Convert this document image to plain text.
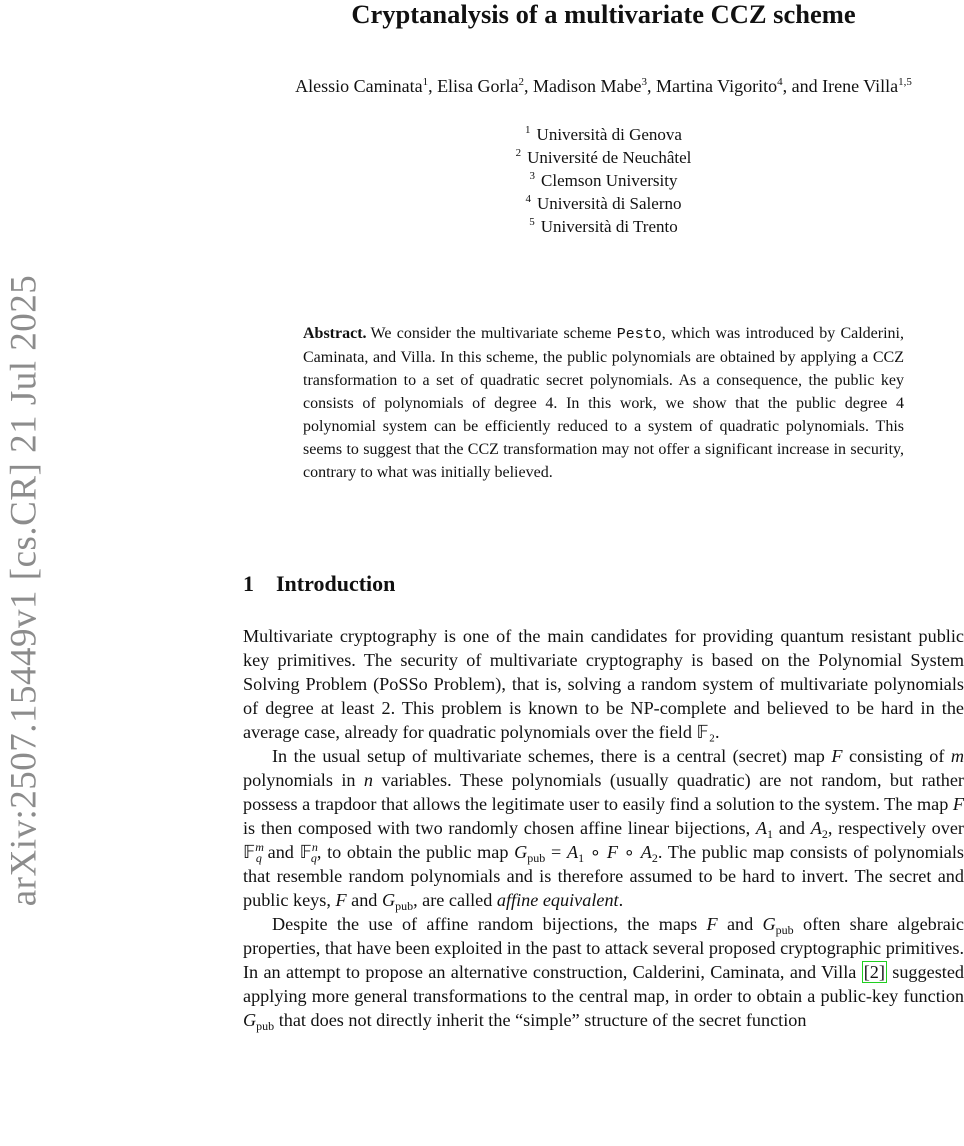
arXiv:2507.15449v1 [cs.CR] 21 Jul 2025
Cryptanalysis of a multivariate CCZ scheme
Alessio Caminata$^1$, Elisa Gorla$^2$, Madison Mabe$^3$, Martina Vigorito$^4$, and Irene Villa$^{1,5}$
$^1$ Università di Genova
$^2$ Université de Neuchâtel
$^3$ Clemson University
$^4$ Università di Salerno
$^5$ Università di Trento
Abstract. We consider the multivariate scheme Pesto, which was introduced by Calderini, Caminata, and Villa. In this scheme, the public polynomials are obtained by applying a CCZ transformation to a set of quadratic secret polynomials. As a consequence, the public key consists of polynomials of degree 4. In this work, we show that the public degree 4 polynomial system can be efficiently reduced to a system of quadratic polynomials. This seems to suggest that the CCZ transformation may not offer a significant increase in security, contrary to what was initially believed.
1 Introduction

Multivariate cryptography is one of the main candidates for providing quantum resistant public key primitives. The security of multivariate cryptography is based on the Polynomial System Solving Problem (PoSSo Problem), that is, solving a random system of multivariate polynomials of degree at least 2. This problem is known to be NP-complete and believed to be hard in the average case, already for quadratic polynomials over the field 𝔽₂.

In the usual setup of multivariate schemes, there is a central (secret) map F consisting of m polynomials in n variables. These polynomials (usually quadratic) are not random, but rather possess a trapdoor that allows the legitimate user to easily find a solution to the system. The map F is then composed with two randomly chosen affine linear bijections, $A_1$ and $A_2$, respectively over 𝔽$^m_q$ and 𝔽$^n_q$, to obtain the public map $G_{pub} = A_1$ ∘ F ∘ $A_2$. The public map consists of polynomials that resemble random polynomials and is therefore assumed to be hard to invert. The secret and public keys, F and $G_{pub}$, are called affine equivalent.

Despite the use of affine random bijections, the maps F and $G_{pub}$ often share algebraic properties, that have been exploited in the past to attack several proposed cryptographic primitives. In an attempt to propose an alternative construction, Calderini, Caminata, and Villa [2] suggested applying more general transformations to the central map, in order to obtain a public-key function $G_{pub}$ that does not directly inherit the “simple” structure of the secret function
